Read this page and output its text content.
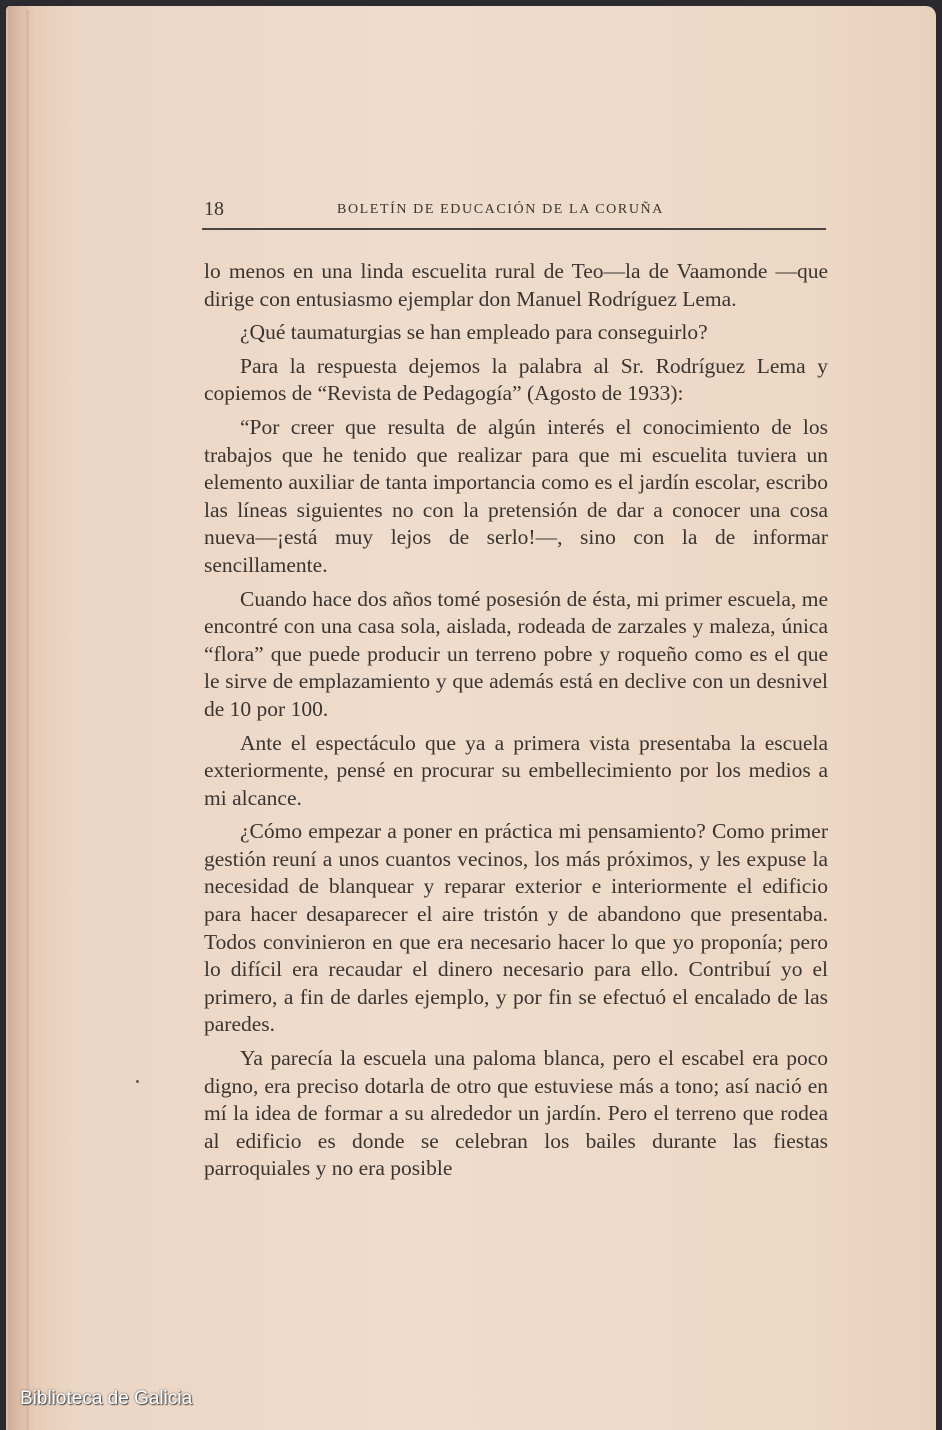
18	BOLETÍN DE EDUCACIÓN DE LA CORUÑA

lo menos en una linda escuelita rural de Teo—la de Vaamonde —que dirige con entusiasmo ejemplar don Manuel Rodríguez Lema.

¿Qué taumaturgias se han empleado para conseguirlo?

Para la respuesta dejemos la palabra al Sr. Rodríguez Lema y copiemos de “Revista de Pedagogía” (Agosto de 1933):

“Por creer que resulta de algún interés el conocimiento de los trabajos que he tenido que realizar para que mi escuelita tuviera un elemento auxiliar de tanta importancia como es el jardín escolar, escribo las líneas siguientes no con la pretensión de dar a conocer una cosa nueva—¡está muy lejos de serlo!—, sino con la de informar sencillamente.

Cuando hace dos años tomé posesión de ésta, mi primer escuela, me encontré con una casa sola, aislada, rodeada de zarzales y maleza, única “flora” que puede producir un terreno pobre y roqueño como es el que le sirve de emplazamiento y que además está en declive con un desnivel de 10 por 100.

Ante el espectáculo que ya a primera vista presentaba la escuela exteriormente, pensé en procurar su embellecimiento por los medios a mi alcance.

¿Cómo empezar a poner en práctica mi pensamiento? Como primer gestión reuní a unos cuantos vecinos, los más próximos, y les expuse la necesidad de blanquear y reparar exterior e interiormente el edificio para hacer desaparecer el aire tristón y de abandono que presentaba. Todos convinieron en que era necesario hacer lo que yo proponía; pero lo difícil era recaudar el dinero necesario para ello. Contribuí yo el primero, a fin de darles ejemplo, y por fin se efectuó el encalado de las paredes.

Ya parecía la escuela una paloma blanca, pero el escabel era poco digno, era preciso dotarla de otro que estuviese más a tono; así nació en mí la idea de formar a su alrededor un jardín. Pero el terreno que rodea al edificio es donde se celebran los bailes durante las fiestas parroquiales y no era posible

Biblioteca de Galicia
